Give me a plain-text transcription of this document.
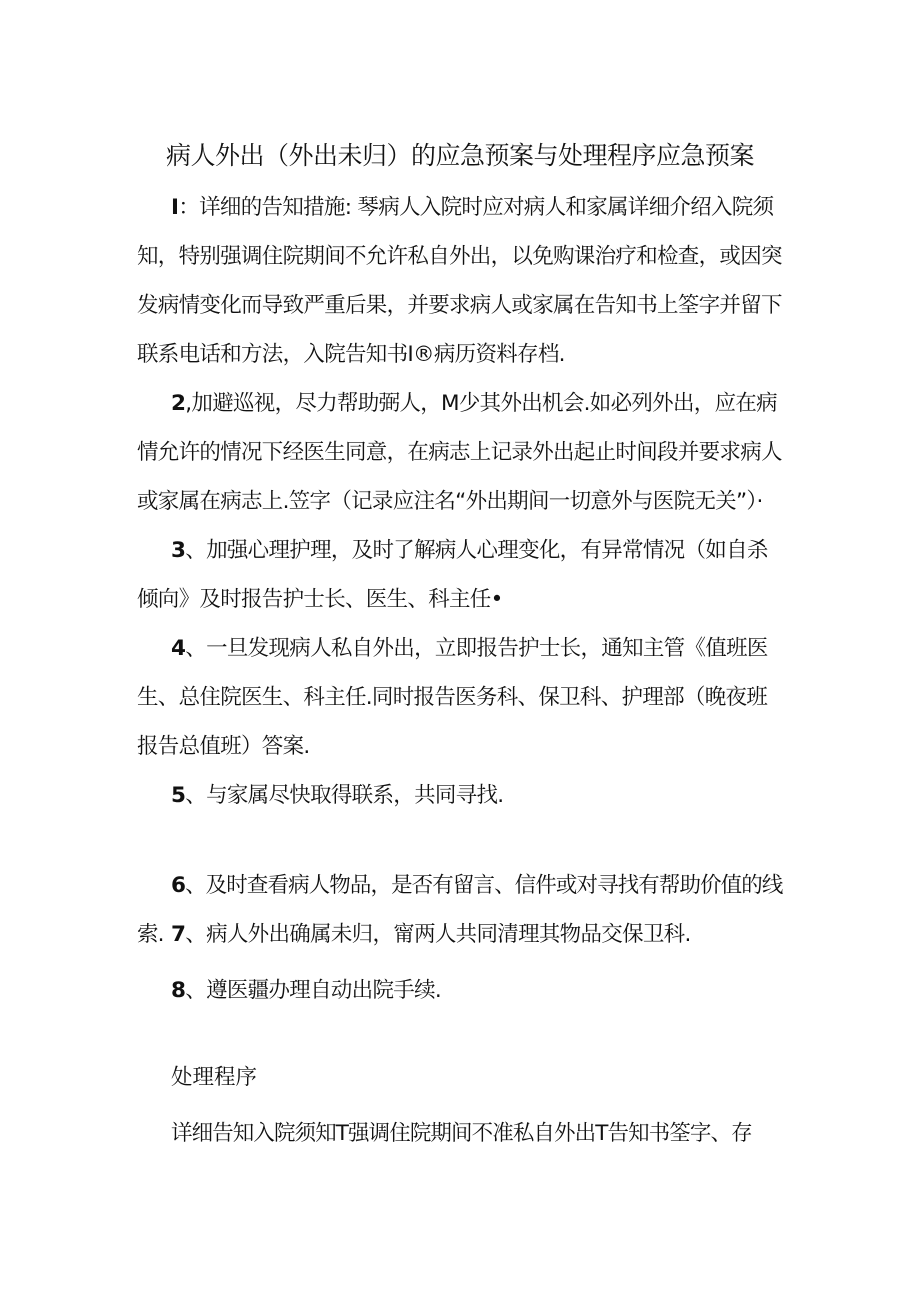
病人外出（外出未归）的应急预案与处理程序应急预案
I：详细的告知措施: 琴病人入院时应对病人和家属详细介绍入院须知，特别强调住院期间不允许私自外出，以免购课治疗和检查，或因突发病情变化而导致严重后果，并要求病人或家属在告知书上筌字并留下联系电话和方法，入院告知书I®病历资料存档.
2,加避巡视，尽力帮助弼人，M少其外出机会.如必列外出，应在病情允许的情况下经医生同意，在病志上记录外出起止时间段并要求病人或家属在病志上.笠字（记录应注名“外出期间一切意外与医院无关”）·
3、加强心理护理，及时了解病人心理变化，有异常情况（如自杀倾向》及时报告护士长、医生、科主任•
4、一旦发现病人私自外出，立即报告护士长，通知主管《值班医生、总住院医生、科主任.同时报告医务科、保卫科、护理部（晚夜班报告总值班）答案.
5、与家属尽快取得联系，共同寻找.
6、及时查看病人物品，是否有留言、信件或对寻找有帮助价值的线索. 7、病人外出确属未归，甯两人共同清理其物品交保卫科.
8、遵医疆办理自动出院手续.
处理程序
详细告知入院须知T强调住院期间不准私自外出T告知书筌字、存
